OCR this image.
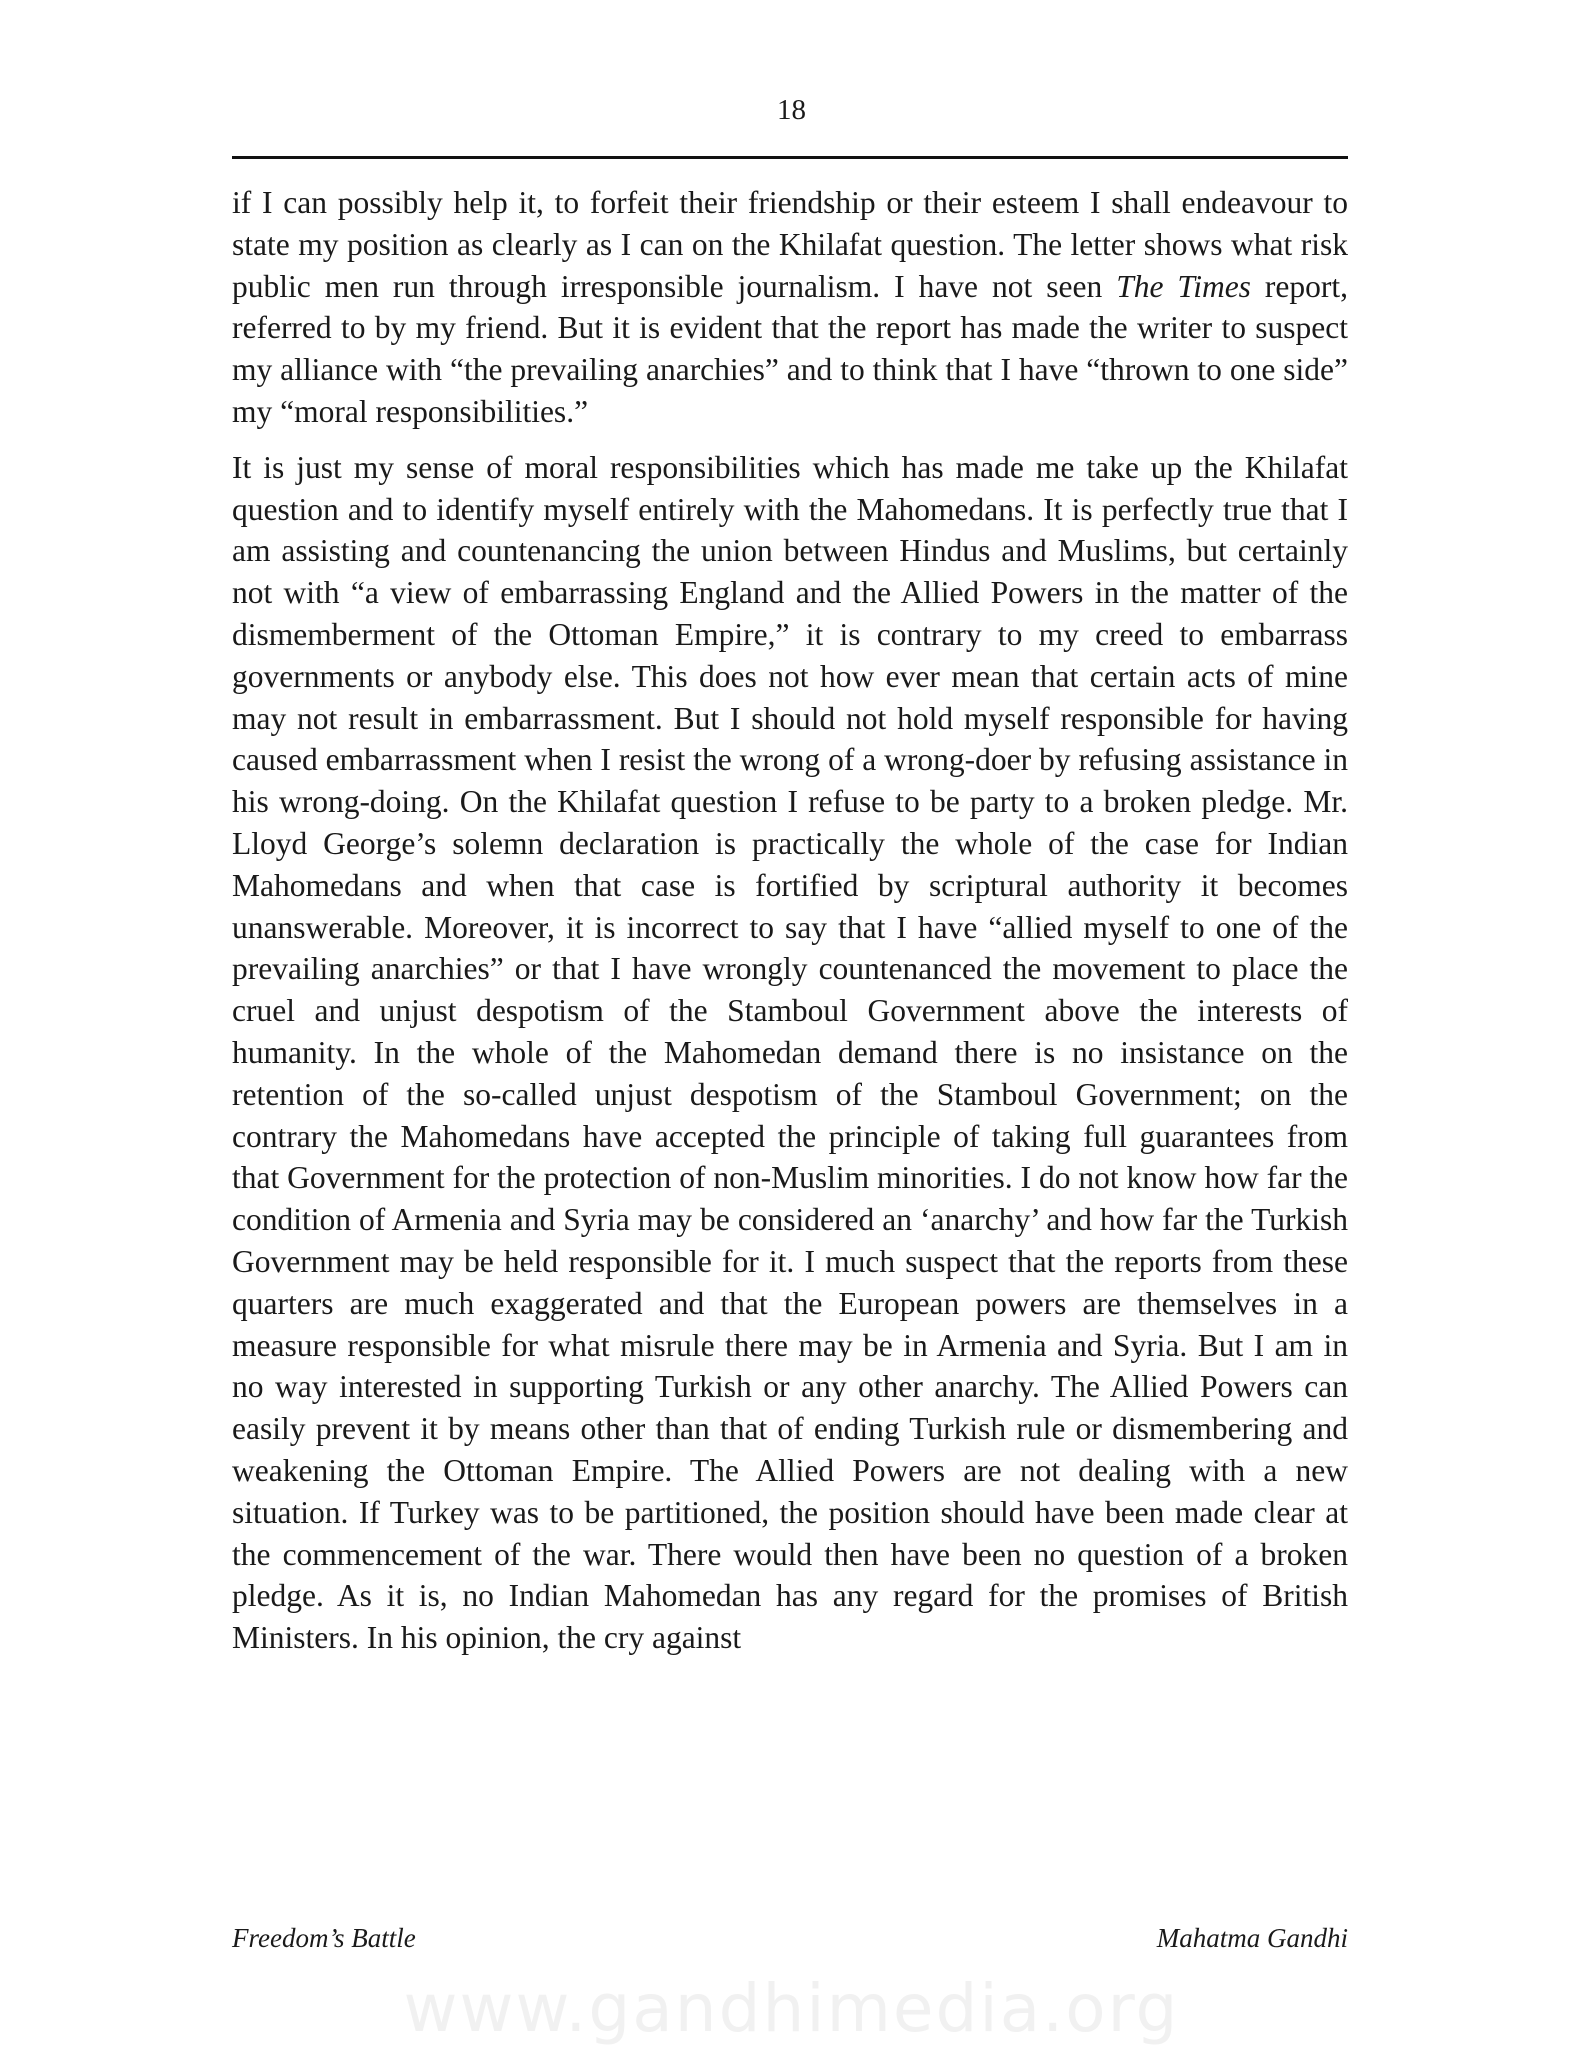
18

if I can possibly help it, to forfeit their friendship or their esteem I shall endeavour to state my position as clearly as I can on the Khilafat question. The letter shows what risk public men run through irresponsible journalism. I have not seen The Times report, referred to by my friend. But it is evident that the report has made the writer to suspect my alliance with “the prevailing anarchies” and to think that I have “thrown to one side” my “moral responsibilities.”

It is just my sense of moral responsibilities which has made me take up the Khilafat question and to identify myself entirely with the Mahomedans. It is perfectly true that I am assisting and countenancing the union between Hindus and Muslims, but certainly not with “a view of embarrassing England and the Allied Powers in the matter of the dismemberment of the Ottoman Empire,” it is contrary to my creed to embarrass governments or anybody else. This does not how ever mean that certain acts of mine may not result in embarrassment. But I should not hold myself responsible for having caused embarrassment when I resist the wrong of a wrong-doer by refusing assistance in his wrong-doing. On the Khilafat question I refuse to be party to a broken pledge. Mr. Lloyd George’s solemn declaration is practically the whole of the case for Indian Mahomedans and when that case is fortified by scriptural authority it becomes unanswerable. Moreover, it is incorrect to say that I have “allied myself to one of the prevailing anarchies” or that I have wrongly countenanced the movement to place the cruel and unjust despotism of the Stamboul Government above the interests of humanity. In the whole of the Mahomedan demand there is no insistance on the retention of the so-called unjust despotism of the Stamboul Government; on the contrary the Mahomedans have accepted the principle of taking full guarantees from that Government for the protection of non-Muslim minorities. I do not know how far the condition of Armenia and Syria may be considered an ‘anarchy’ and how far the Turkish Government may be held responsible for it. I much suspect that the reports from these quarters are much exaggerated and that the European powers are themselves in a measure responsible for what misrule there may be in Armenia and Syria. But I am in no way interested in supporting Turkish or any other anarchy. The Allied Powers can easily prevent it by means other than that of ending Turkish rule or dismembering and weakening the Ottoman Empire. The Allied Powers are not dealing with a new situation. If Turkey was to be partitioned, the position should have been made clear at the commencement of the war. There would then have been no question of a broken pledge. As it is, no Indian Mahomedan has any regard for the promises of British Ministers. In his opinion, the cry against

Freedom’s Battle	Mahatma Gandhi
www.gandhimedia.org
